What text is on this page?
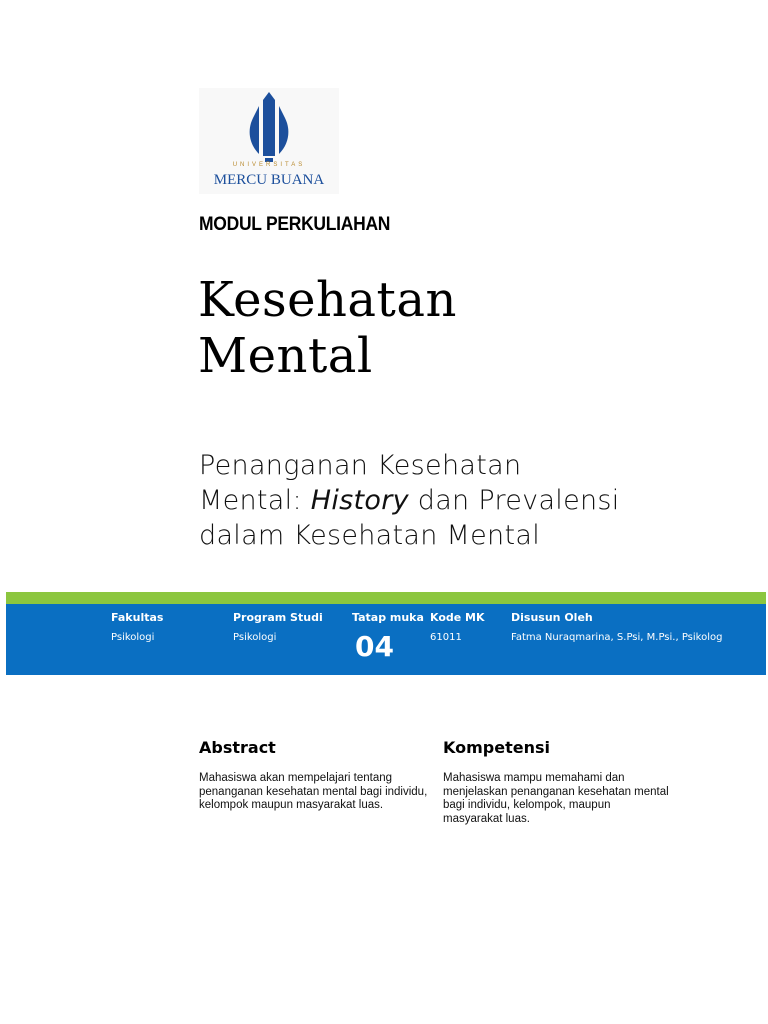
UNIVERSITAS
MERCU BUANA
MODUL PERKULIAHAN
Kesehatan
Mental
Penanganan Kesehatan
Mental: History dan Prevalensi
dalam Kesehatan Mental
Fakultas
Psikologi
Program Studi
Psikologi
Tatap muka
04
Kode MK
61011
Disusun Oleh
Fatma Nuraqmarina, S.Psi, M.Psi., Psikolog
Abstract
Mahasiswa akan mempelajari tentang penanganan kesehatan mental bagi individu, kelompok maupun masyarakat luas.
Kompetensi
Mahasiswa mampu memahami dan menjelaskan penanganan kesehatan mental bagi individu, kelompok, maupun masyarakat luas.
